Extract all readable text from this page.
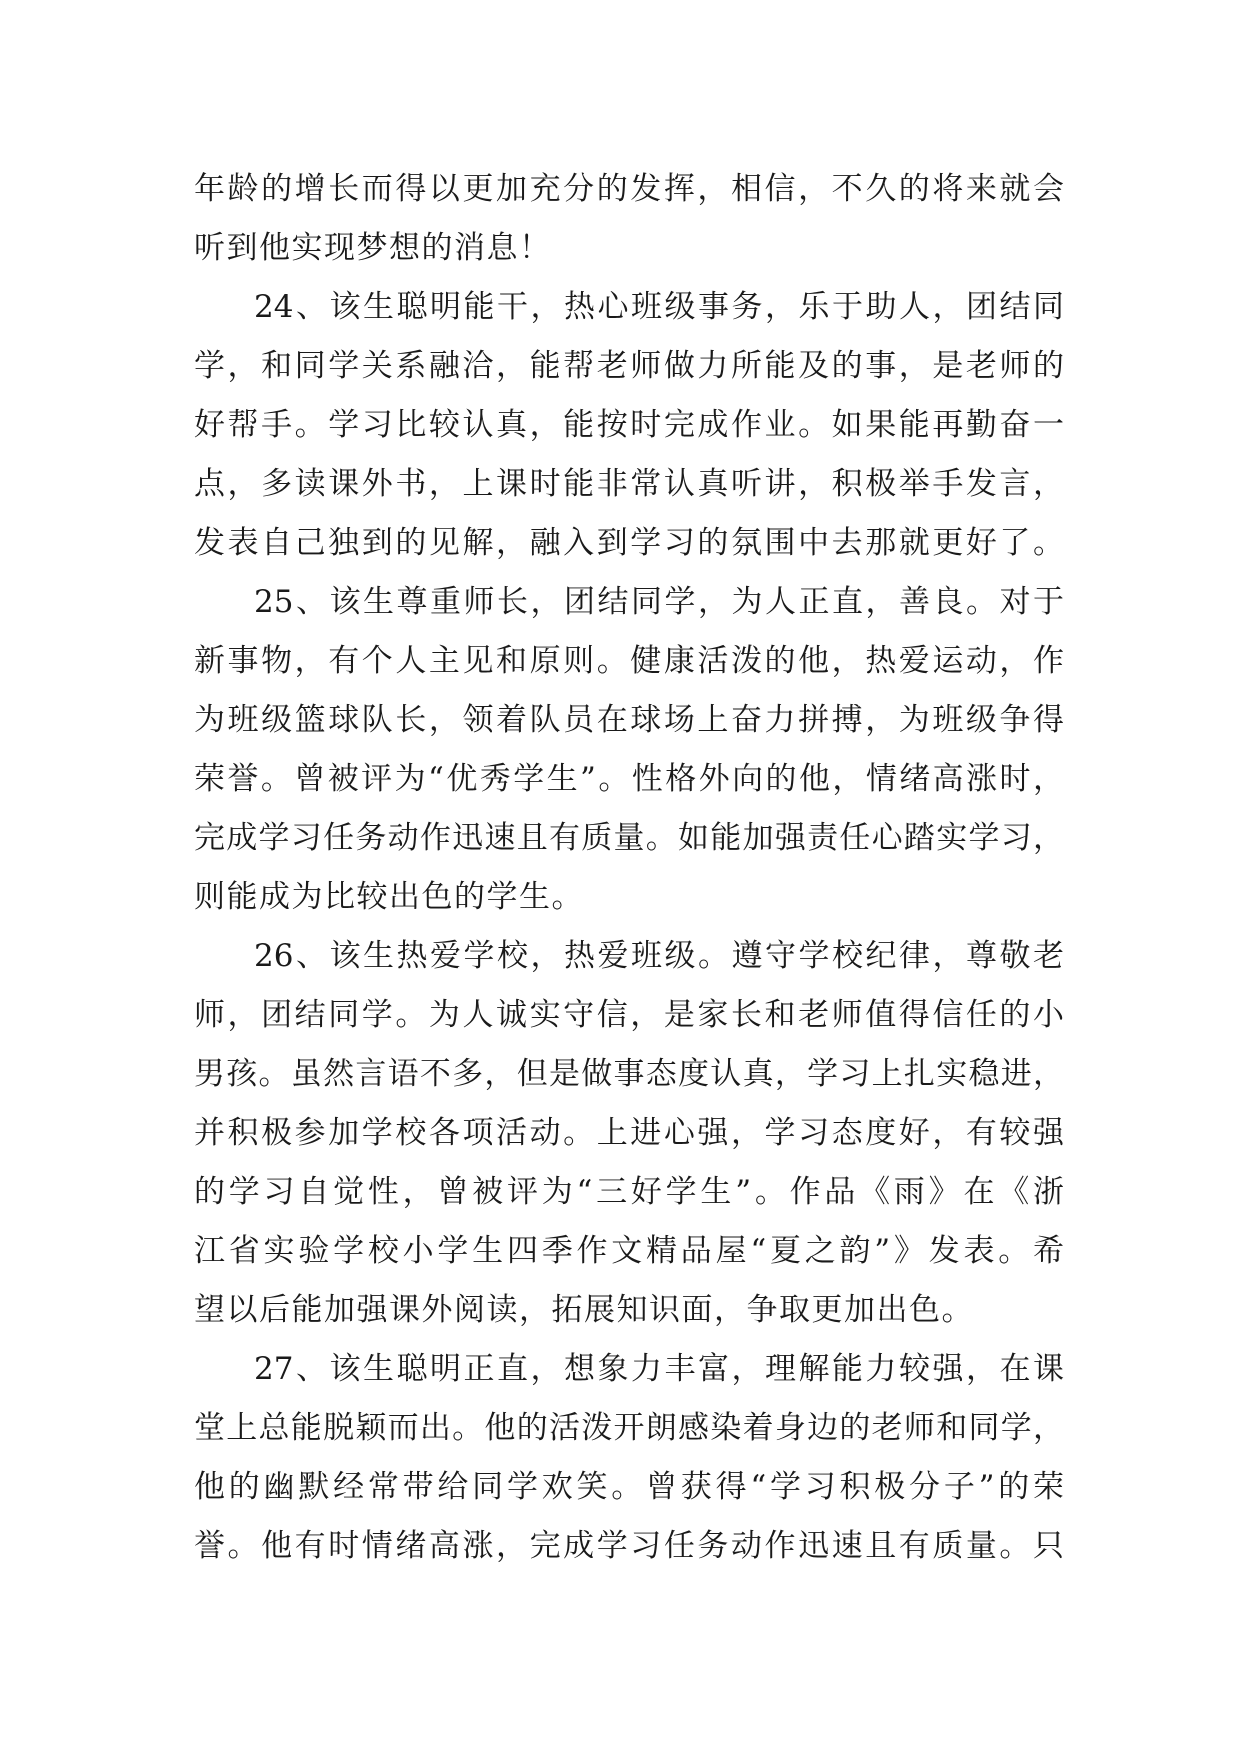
年龄的增长而得以更加充分的发挥，相信，不久的将来就会
听到他实现梦想的消息！
24、该生聪明能干，热心班级事务，乐于助人，团结同
学，和同学关系融洽，能帮老师做力所能及的事，是老师的
好帮手。学习比较认真，能按时完成作业。如果能再勤奋一
点，多读课外书，上课时能非常认真听讲，积极举手发言，
发表自己独到的见解，融入到学习的氛围中去那就更好了。
25、该生尊重师长，团结同学，为人正直，善良。对于
新事物，有个人主见和原则。健康活泼的他，热爱运动，作
为班级篮球队长，领着队员在球场上奋力拼搏，为班级争得
荣誉。曾被评为“优秀学生”。性格外向的他，情绪高涨时，
完成学习任务动作迅速且有质量。如能加强责任心踏实学习，
则能成为比较出色的学生。
26、该生热爱学校，热爱班级。遵守学校纪律，尊敬老
师，团结同学。为人诚实守信，是家长和老师值得信任的小
男孩。虽然言语不多，但是做事态度认真，学习上扎实稳进，
并积极参加学校各项活动。上进心强，学习态度好，有较强
的学习自觉性，曾被评为“三好学生”。作品《雨》在《浙
江省实验学校小学生四季作文精品屋“夏之韵”》发表。希
望以后能加强课外阅读，拓展知识面，争取更加出色。
27、该生聪明正直，想象力丰富，理解能力较强，在课
堂上总能脱颖而出。他的活泼开朗感染着身边的老师和同学，
他的幽默经常带给同学欢笑。曾获得“学习积极分子”的荣
誉。他有时情绪高涨，完成学习任务动作迅速且有质量。只
